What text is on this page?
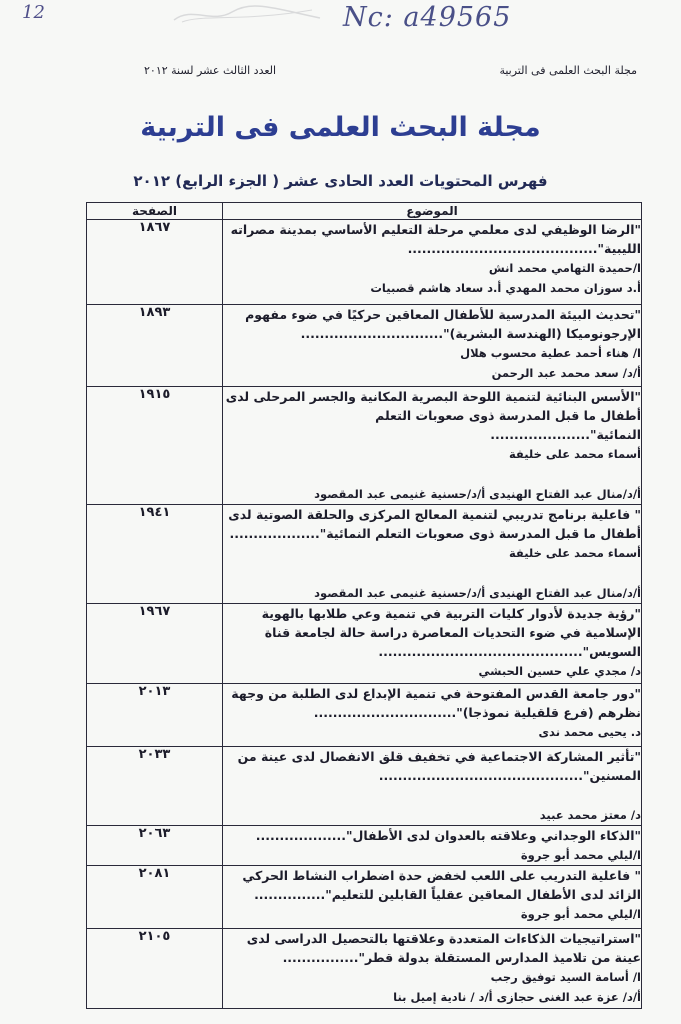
12	Nc: a49565
مجلة البحث العلمى فى التربية
العدد الثالث عشر لسنة ٢٠١٢
مجلة البحث العلمى فى التربية
فهرس المحتويات العدد الحادى عشر ( الجزء الرابع) ٢٠١٢
الموضوع	الصفحة

"الرضا الوظيفي لدى معلمي مرحلة التعليم الأساسي بمدينة مصراته
الليبية"........................................
ا/حميدة التهامي محمد انش
أ.د سوزان محمد المهدي أ.د سعاد هاشم قصبيات	١٨٦٧

"تحديث البيئة المدرسية للأطفال المعاقين حركيًا في ضوء مفهوم
الإرجونوميكا (الهندسة البشرية)"..............................
ا/ هناء أحمد عطية محسوب هلال
أ/د/ سعد محمد عبد الرحمن	١٨٩٣

"الأسس البنائية لتنمية اللوحة البصرية المكانية والجسر المرحلى لدى
أطفال ما قبل المدرسة ذوى صعوبات التعلم النمائية".....................
أسماء محمد على خليفة

أ/د/منال عبد الفتاح الهنيدى أ/د/حسنية غنيمى عبد المقصود	١٩١٥

" فاعلية برنامج تدريبي لتنمية المعالج المركزى والحلقة الصوتية لدى
أطفال ما قبل المدرسة ذوى صعوبات التعلم النمائية"...................
أسماء محمد على خليفة

أ/د/منال عبد الفتاح الهنيدى أ/د/حسنية غنيمى عبد المقصود	١٩٤١

"رؤية جديدة لأدوار كليات التربية في تنمية وعي طلابها بالهوية
الإسلامية في ضوء التحديات المعاصرة دراسة حالة لجامعة قناة
السويس"...........................................
د/ مجدي علي حسين الحبشي	١٩٦٧

"دور جامعة القدس المفتوحة في تنمية الإبداع لدى الطلبة من وجهة
نظرهم (فرع قلقيلية نموذجا)"..............................
د. يحيى محمد ندى	٢٠١٣

"تأثير المشاركة الاجتماعية في تخفيف قلق الانفصال لدى عينة من
المسنين"...........................................

د/ معتز محمد عبيد	٢٠٣٣

"الذكاء الوجداني وعلاقته بالعدوان لدى الأطفال"...................
ا/ليلي محمد أبو جروة	٢٠٦٣

" فاعلية التدريب على اللعب لخفض حدة اضطراب النشاط الحركي
الزائد لدى الأطفال المعاقين عقلياً القابلين للتعليم"...............
ا/ليلي محمد أبو جروة	٢٠٨١

"استراتيجيات الذكاءات المتعددة وعلاقتها بالتحصيل الدراسى لدى
عينة من تلاميذ المدارس المستقلة بدولة قطر"................
ا/ أسامة السيد توفيق رجب
أ/د/ عزة عبد الغنى حجازى أ/د / نادية إميل بنا	٢١٠٥
